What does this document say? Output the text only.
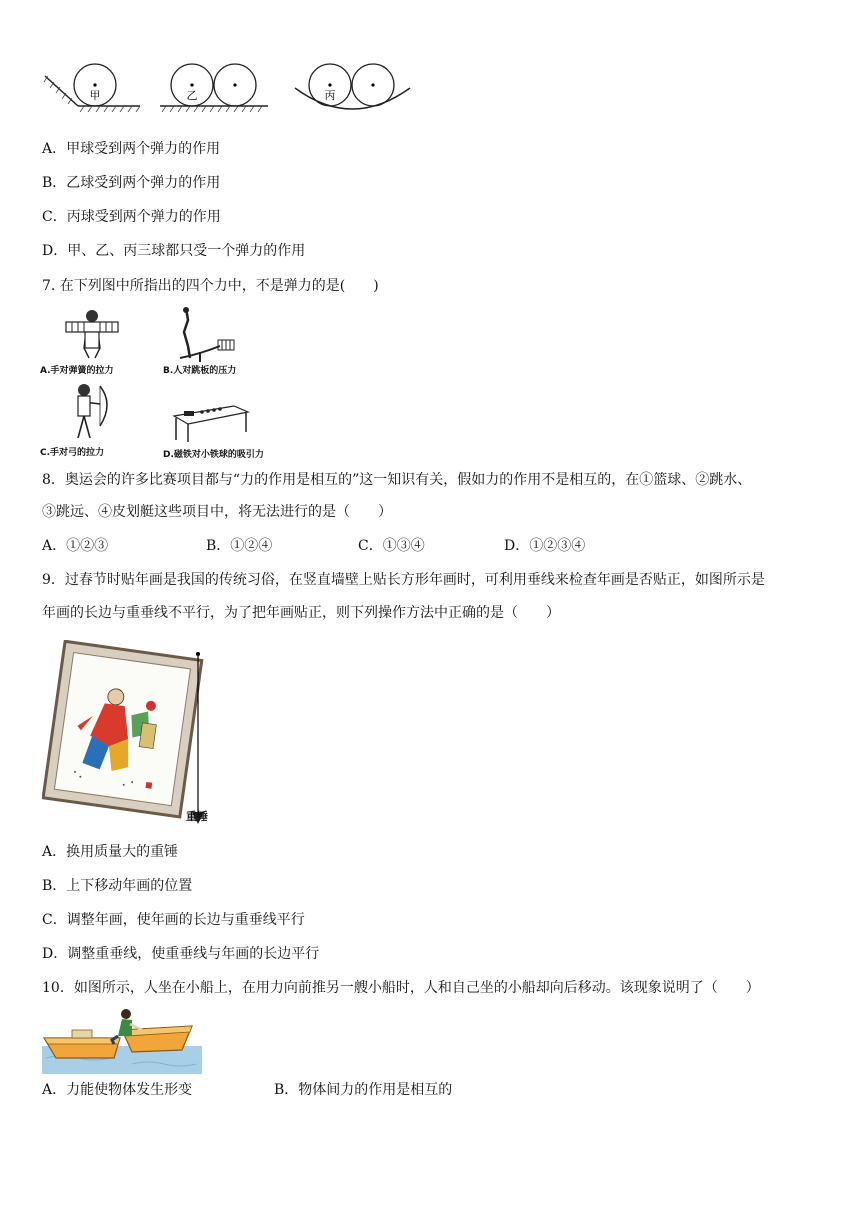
甲	乙	丙
A．甲球受到两个弹力的作用
B．乙球受到两个弹力的作用
C．丙球受到两个弹力的作用
D．甲、乙、丙三球都只受一个弹力的作用
7. 在下列图中所指出的四个力中，不是弹力的是(　　)
A.手对弹簧的拉力	B.人对跳板的压力
C.手对弓的拉力	D.磁铁对小铁球的吸引力
8．奥运会的许多比赛项目都与“力的作用是相互的”这一知识有关，假如力的作用不是相互的，在①篮球、②跳水、
③跳远、④皮划艇这些项目中，将无法进行的是（　　）
A．①②③	B．①②④	C．①③④	D．①②③④
9．过春节时贴年画是我国的传统习俗，在竖直墙壁上贴长方形年画时，可利用垂线来检查年画是否贴正，如图所示是
年画的长边与重垂线不平行，为了把年画贴正，则下列操作方法中正确的是（　　）
重锤
A．换用质量大的重锤
B．上下移动年画的位置
C．调整年画，使年画的长边与重垂线平行
D．调整重垂线，使重垂线与年画的长边平行
10．如图所示，人坐在小船上，在用力向前推另一艘小船时，人和自己坐的小船却向后移动。该现象说明了（　　）
A．力能使物体发生形变	B．物体间力的作用是相互的
